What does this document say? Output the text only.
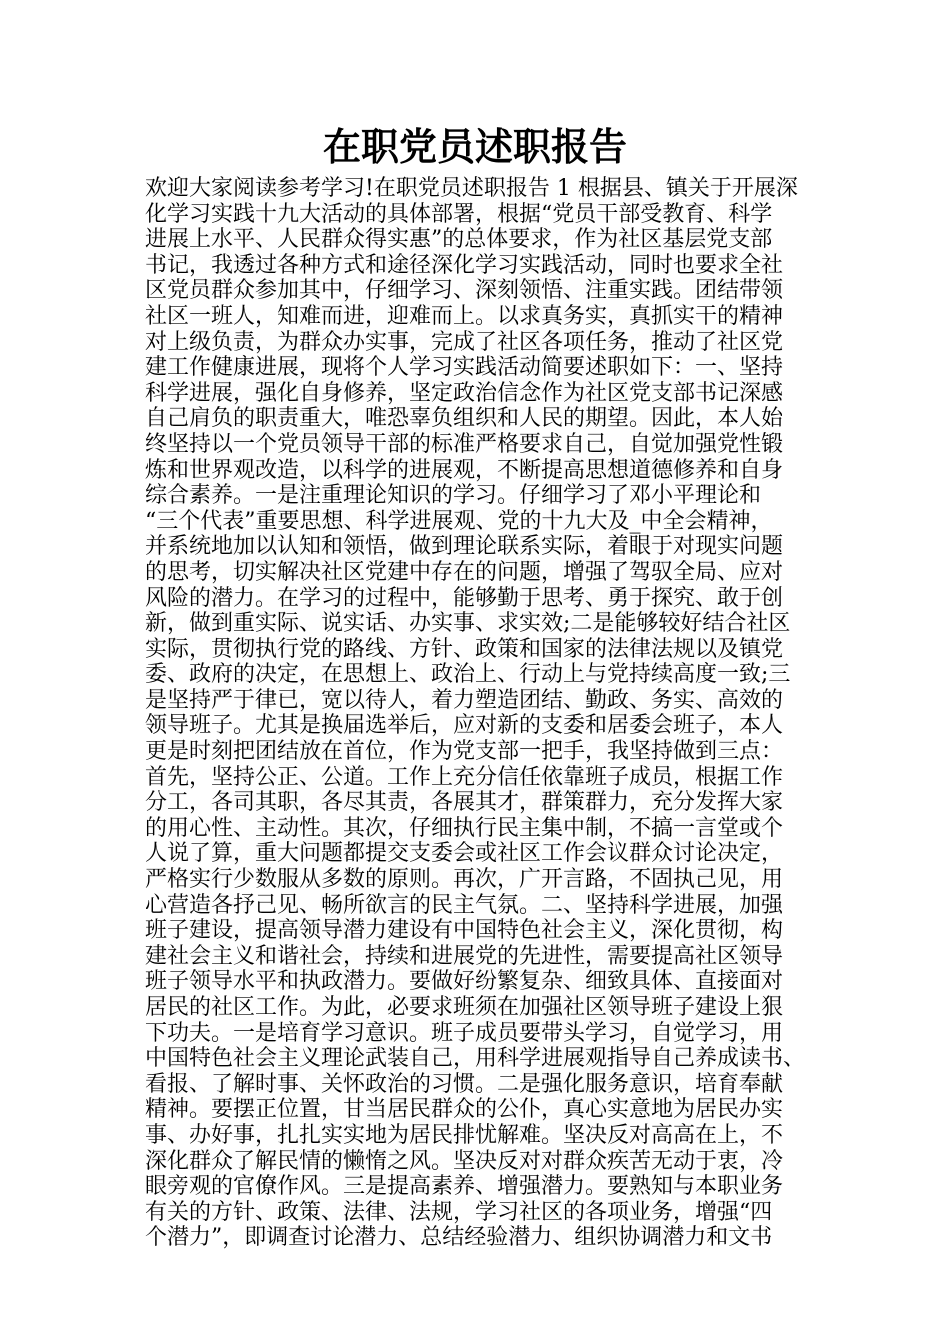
在职党员述职报告
欢迎大家阅读参考学习!在职党员述职报告 1 根据县、镇关于开展深
化学习实践十九大活动的具体部署，根据“党员干部受教育、科学
进展上水平、人民群众得实惠”的总体要求，作为社区基层党支部
书记，我透过各种方式和途径深化学习实践活动，同时也要求全社
区党员群众参加其中，仔细学习、深刻领悟、注重实践。团结带领
社区一班人，知难而进，迎难而上。以求真务实，真抓实干的精神
对上级负责，为群众办实事，完成了社区各项任务，推动了社区党
建工作健康进展，现将个人学习实践活动简要述职如下：一、坚持
科学进展，强化自身修养，坚定政治信念作为社区党支部书记深感
自己肩负的职责重大，唯恐辜负组织和人民的期望。因此，本人始
终坚持以一个党员领导干部的标准严格要求自己，自觉加强党性锻
炼和世界观改造，以科学的进展观，不断提高思想道德修养和自身
综合素养。一是注重理论知识的学习。仔细学习了邓小平理论和
“三个代表”重要思想、科学进展观、党的十九大及_中全会精神，
并系统地加以认知和领悟，做到理论联系实际，着眼于对现实问题
的思考，切实解决社区党建中存在的问题，增强了驾驭全局、应对
风险的潜力。在学习的过程中，能够勤于思考、勇于探究、敢于创
新，做到重实际、说实话、办实事、求实效;二是能够较好结合社区
实际，贯彻执行党的路线、方针、政策和国家的法律法规以及镇党
委、政府的决定，在思想上、政治上、行动上与党持续高度一致;三
是坚持严于律已，宽以待人，着力塑造团结、勤政、务实、高效的
领导班子。尤其是换届选举后，应对新的支委和居委会班子，本人
更是时刻把团结放在首位，作为党支部一把手，我坚持做到三点：
首先，坚持公正、公道。工作上充分信任依靠班子成员，根据工作
分工，各司其职，各尽其责，各展其才，群策群力，充分发挥大家
的用心性、主动性。其次，仔细执行民主集中制，不搞一言堂或个
人说了算，重大问题都提交支委会或社区工作会议群众讨论决定，
严格实行少数服从多数的原则。再次，广开言路，不固执己见，用
心营造各抒己见、畅所欲言的民主气氛。二、坚持科学进展，加强
班子建设，提高领导潜力建设有中国特色社会主义，深化贯彻，构
建社会主义和谐社会，持续和进展党的先进性，需要提高社区领导
班子领导水平和执政潜力。要做好纷繁复杂、细致具体、直接面对
居民的社区工作。为此，必要求班须在加强社区领导班子建设上狠
下功夫。一是培育学习意识。班子成员要带头学习，自觉学习，用
中国特色社会主义理论武装自己，用科学进展观指导自己养成读书、
看报、了解时事、关怀政治的习惯。二是强化服务意识，培育奉献
精神。要摆正位置，甘当居民群众的公仆，真心实意地为居民办实
事、办好事，扎扎实实地为居民排忧解难。坚决反对高高在上，不
深化群众了解民情的懒惰之风。坚决反对对群众疾苦无动于衷，冷
眼旁观的官僚作风。三是提高素养、增强潜力。要熟知与本职业务
有关的方针、政策、法律、法规，学习社区的各项业务，增强“四
个潜力”，即调查讨论潜力、总结经验潜力、组织协调潜力和文书
